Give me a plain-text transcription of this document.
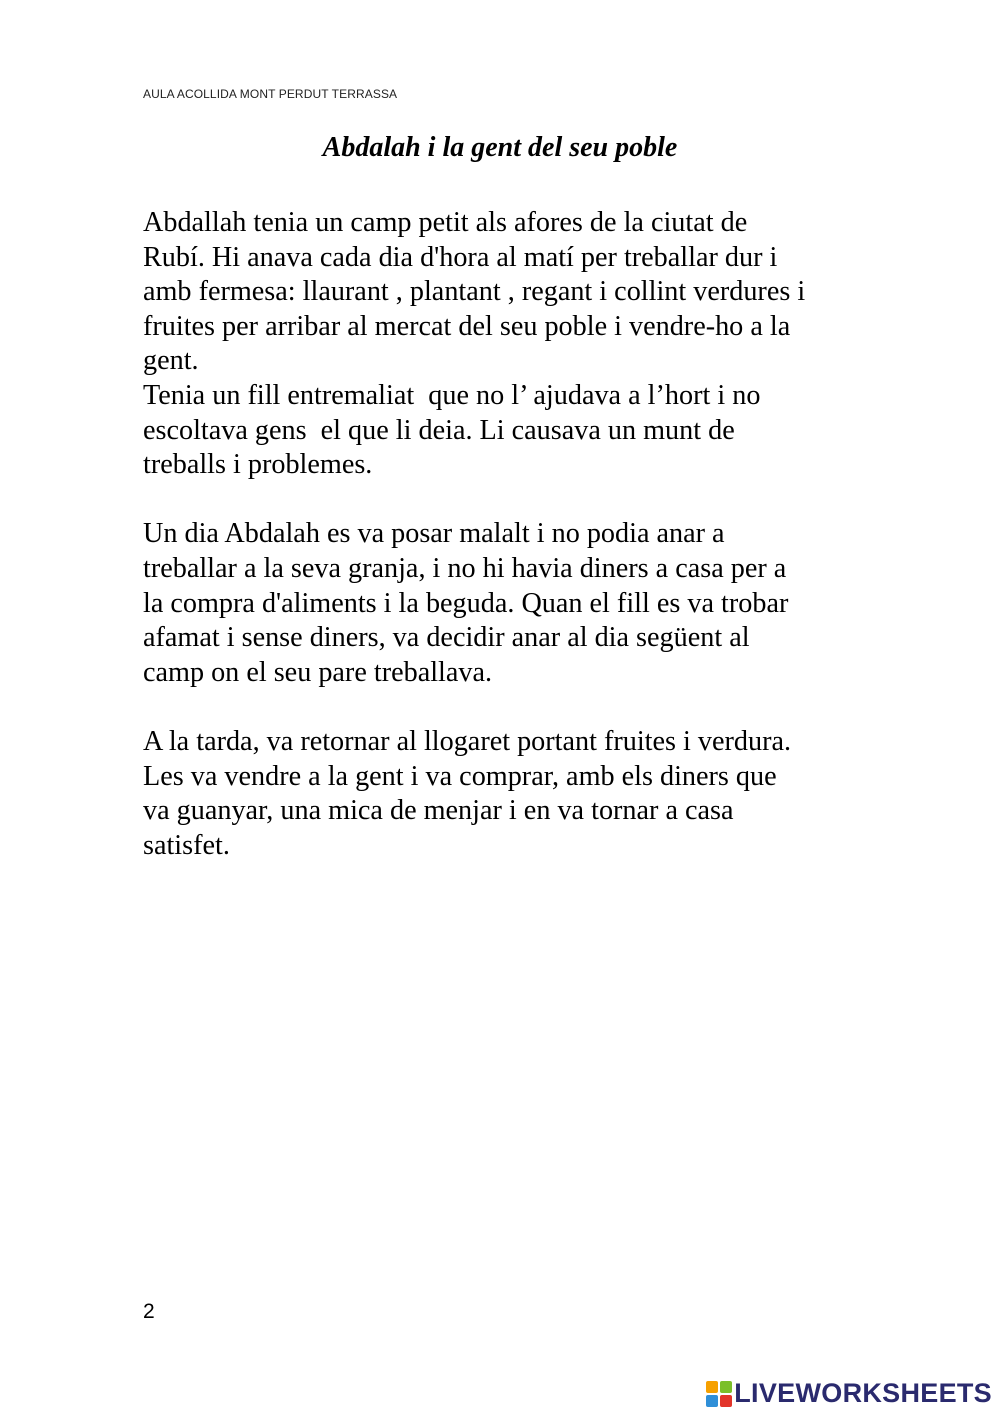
AULA ACOLLIDA MONT PERDUT TERRASSA
Abdalah i la gent del seu poble

Abdallah tenia un camp petit als afores de la ciutat de
Rubí. Hi anava cada dia d'hora al matí per treballar dur i
amb fermesa: llaurant , plantant , regant i collint verdures i
fruites per arribar al mercat del seu poble i vendre-ho a la
gent.
Tenia un fill entremaliat  que no l’ ajudava a l’hort i no
escoltava gens  el que li deia. Li causava un munt de
treballs i problemes.

Un dia Abdalah es va posar malalt i no podia anar a
treballar a la seva granja, i no hi havia diners a casa per a
la compra d'aliments i la beguda. Quan el fill es va trobar
afamat i sense diners, va decidir anar al dia següent al
camp on el seu pare treballava.

A la tarda, va retornar al llogaret portant fruites i verdura.
Les va vendre a la gent i va comprar, amb els diners que
va guanyar, una mica de menjar i en va tornar a casa
satisfet.

2
LIVEWORKSHEETS
